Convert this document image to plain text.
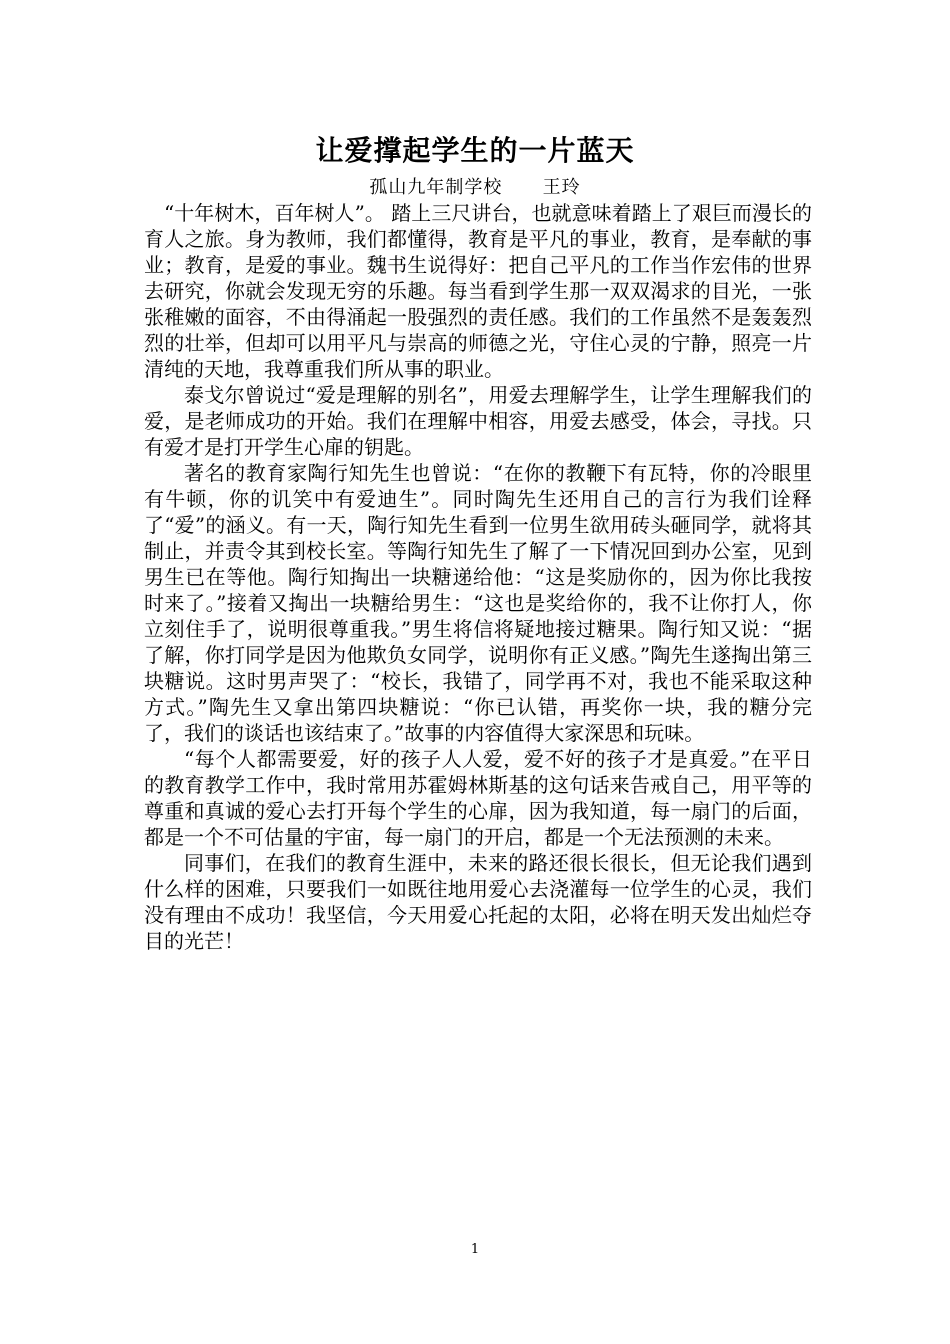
让爱撑起学生的一片蓝天
孤山九年制学校      王玲

“十年树木，百年树人”。 踏上三尺讲台，也就意味着踏上了艰巨而漫长的育人之旅。身为教师，我们都懂得，教育是平凡的事业，教育，是奉献的事业；教育，是爱的事业。魏书生说得好：把自己平凡的工作当作宏伟的世界去研究，你就会发现无穷的乐趣。每当看到学生那一双双渴求的目光，一张张稚嫩的面容，不由得涌起一股强烈的责任感。我们的工作虽然不是轰轰烈烈的壮举，但却可以用平凡与崇高的师德之光，守住心灵的宁静，照亮一片清纯的天地，我尊重我们所从事的职业。

泰戈尔曾说过“爱是理解的别名”，用爱去理解学生，让学生理解我们的爱，是老师成功的开始。我们在理解中相容，用爱去感受，体会，寻找。只有爱才是打开学生心扉的钥匙。

著名的教育家陶行知先生也曾说：“在你的教鞭下有瓦特，你的冷眼里有牛顿，你的讥笑中有爱迪生”。同时陶先生还用自己的言行为我们诠释了“爱”的涵义。有一天，陶行知先生看到一位男生欲用砖头砸同学，就将其制止，并责令其到校长室。等陶行知先生了解了一下情况回到办公室，见到男生已在等他。陶行知掏出一块糖递给他：“这是奖励你的，因为你比我按时来了。”接着又掏出一块糖给男生：“这也是奖给你的，我不让你打人，你立刻住手了，说明很尊重我。”男生将信将疑地接过糖果。陶行知又说：“据了解，你打同学是因为他欺负女同学，说明你有正义感。”陶先生遂掏出第三块糖说。这时男声哭了：“校长，我错了，同学再不对，我也不能采取这种方式。”陶先生又拿出第四块糖说：“你已认错，再奖你一块，我的糖分完了，我们的谈话也该结束了。”故事的内容值得大家深思和玩味。

“每个人都需要爱，好的孩子人人爱，爱不好的孩子才是真爱。”在平日的教育教学工作中，我时常用苏霍姆林斯基的这句话来告戒自己，用平等的尊重和真诚的爱心去打开每个学生的心扉，因为我知道，每一扇门的后面，都是一个不可估量的宇宙，每一扇门的开启，都是一个无法预测的未来。

同事们，在我们的教育生涯中，未来的路还很长很长，但无论我们遇到什么样的困难，只要我们一如既往地用爱心去浇灌每一位学生的心灵，我们没有理由不成功！我坚信，今天用爱心托起的太阳，必将在明天发出灿烂夺目的光芒！

1
